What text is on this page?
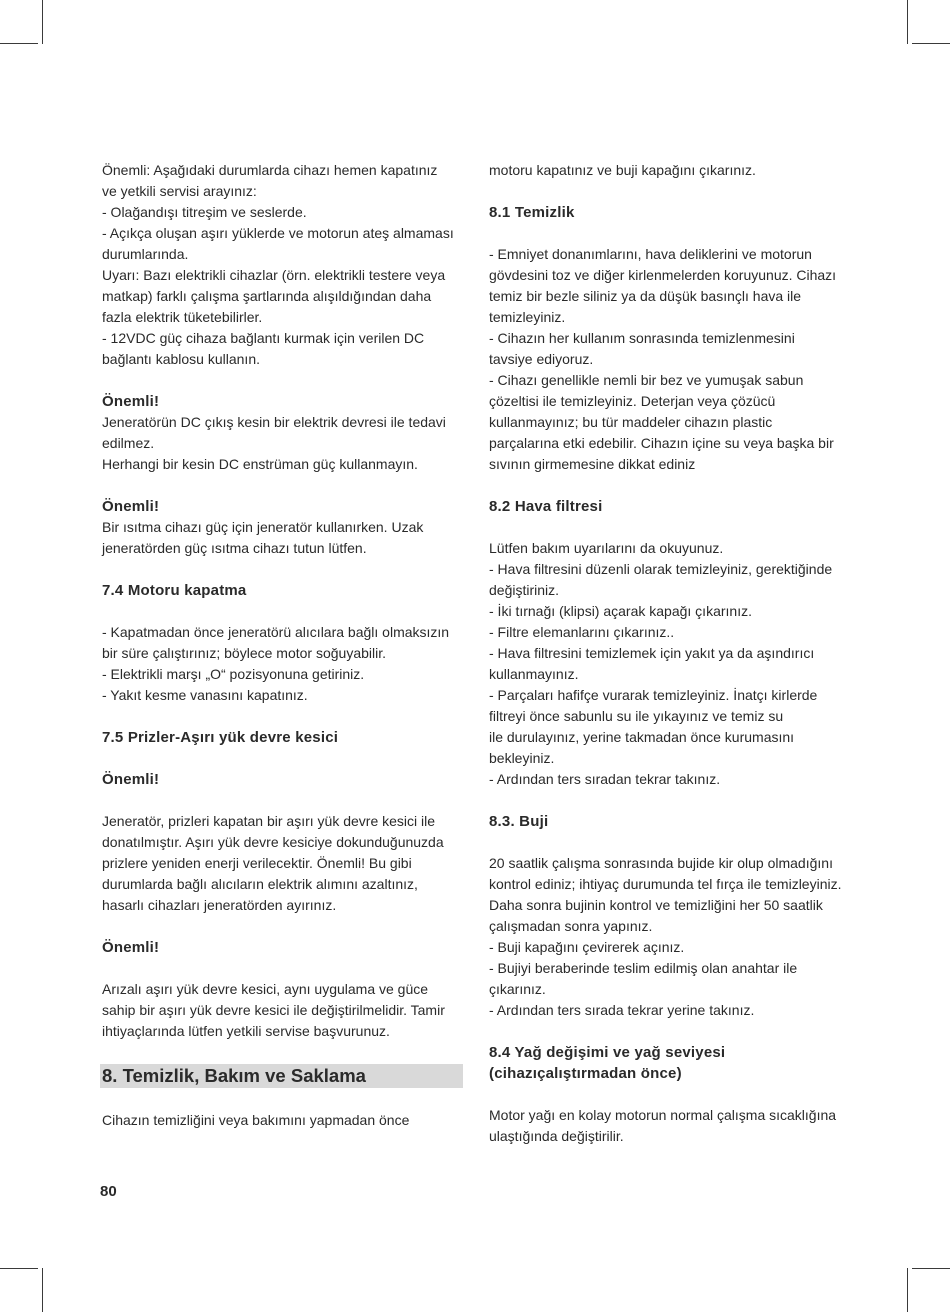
Önemli: Aşağıdaki durumlarda cihazı hemen kapatınız
ve yetkili servisi arayınız:
- Olağandışı titreşim ve seslerde.
- Açıkça oluşan aşırı yüklerde ve motorun ateş almaması
durumlarında.
Uyarı: Bazı elektrikli cihazlar (örn. elektrikli testere veya
matkap) farklı çalışma şartlarında alışıldığından daha
fazla elektrik tüketebilirler.
- 12VDC güç cihaza bağlantı kurmak için verilen DC
bağlantı kablosu kullanın.
Önemli!
Jeneratörün DC çıkış kesin bir elektrik devresi ile tedavi
edilmez.
Herhangi bir kesin DC enstrüman güç kullanmayın.
Önemli!
Bir ısıtma cihazı güç için jeneratör kullanırken. Uzak
jeneratörden güç ısıtma cihazı tutun lütfen.
7.4 Motoru kapatma
- Kapatmadan önce jeneratörü alıcılara bağlı olmaksızın
bir süre çalıştırınız; böylece motor soğuyabilir.
- Elektrikli marşı „O“ pozisyonuna getiriniz.
- Yakıt kesme vanasını kapatınız.
7.5 Prizler-Aşırı yük devre kesici
Önemli!
Jeneratör, prizleri kapatan bir aşırı yük devre kesici ile
donatılmıştır. Aşırı yük devre kesiciye dokunduğunuzda
prizlere yeniden enerji verilecektir. Önemli! Bu gibi
durumlarda bağlı alıcıların elektrik alımını azaltınız,
hasarlı cihazları jeneratörden ayırınız.
Önemli!
Arızalı aşırı yük devre kesici, aynı uygulama ve güce
sahip bir aşırı yük devre kesici ile değiştirilmelidir. Tamir
ihtiyaçlarında lütfen yetkili servise başvurunuz.
8. Temizlik, Bakım ve Saklama
Cihazın temizliğini veya bakımını yapmadan önce
motoru kapatınız ve buji kapağını çıkarınız.
8.1 Temizlik
- Emniyet donanımlarını, hava deliklerini ve motorun
gövdesini toz ve diğer kirlenmelerden koruyunuz. Cihazı
temiz bir bezle siliniz ya da düşük basınçlı hava ile
temizleyiniz.
- Cihazın her kullanım sonrasında temizlenmesini
tavsiye ediyoruz.
- Cihazı genellikle nemli bir bez ve yumuşak sabun
çözeltisi ile temizleyiniz. Deterjan veya çözücü
kullanmayınız; bu tür maddeler cihazın plastic
parçalarına etki edebilir. Cihazın içine su veya başka bir
sıvının girmemesine dikkat ediniz
8.2 Hava filtresi
Lütfen bakım uyarılarını da okuyunuz.
- Hava filtresini düzenli olarak temizleyiniz, gerektiğinde
değiştiriniz.
- İki tırnağı (klipsi) açarak kapağı çıkarınız.
- Filtre elemanlarını çıkarınız..
- Hava filtresini temizlemek için yakıt ya da aşındırıcı
kullanmayınız.
- Parçaları hafifçe vurarak temizleyiniz. İnatçı kirlerde
filtreyi önce sabunlu su ile yıkayınız ve temiz su
ile durulayınız, yerine takmadan önce kurumasını
bekleyiniz.
- Ardından ters sıradan tekrar takınız.
8.3. Buji
20 saatlik çalışma sonrasında bujide kir olup olmadığını
kontrol ediniz; ihtiyaç durumunda tel fırça ile temizleyiniz.
Daha sonra bujinin kontrol ve temizliğini her 50 saatlik
çalışmadan sonra yapınız.
- Buji kapağını çevirerek açınız.
- Bujiyi beraberinde teslim edilmiş olan anahtar ile
çıkarınız.
- Ardından ters sırada tekrar yerine takınız.
8.4 Yağ değişimi ve yağ seviyesi
(cihazıçalıştırmadan önce)
Motor yağı en kolay motorun normal çalışma sıcaklığına
ulaştığında değiştirilir.
80
